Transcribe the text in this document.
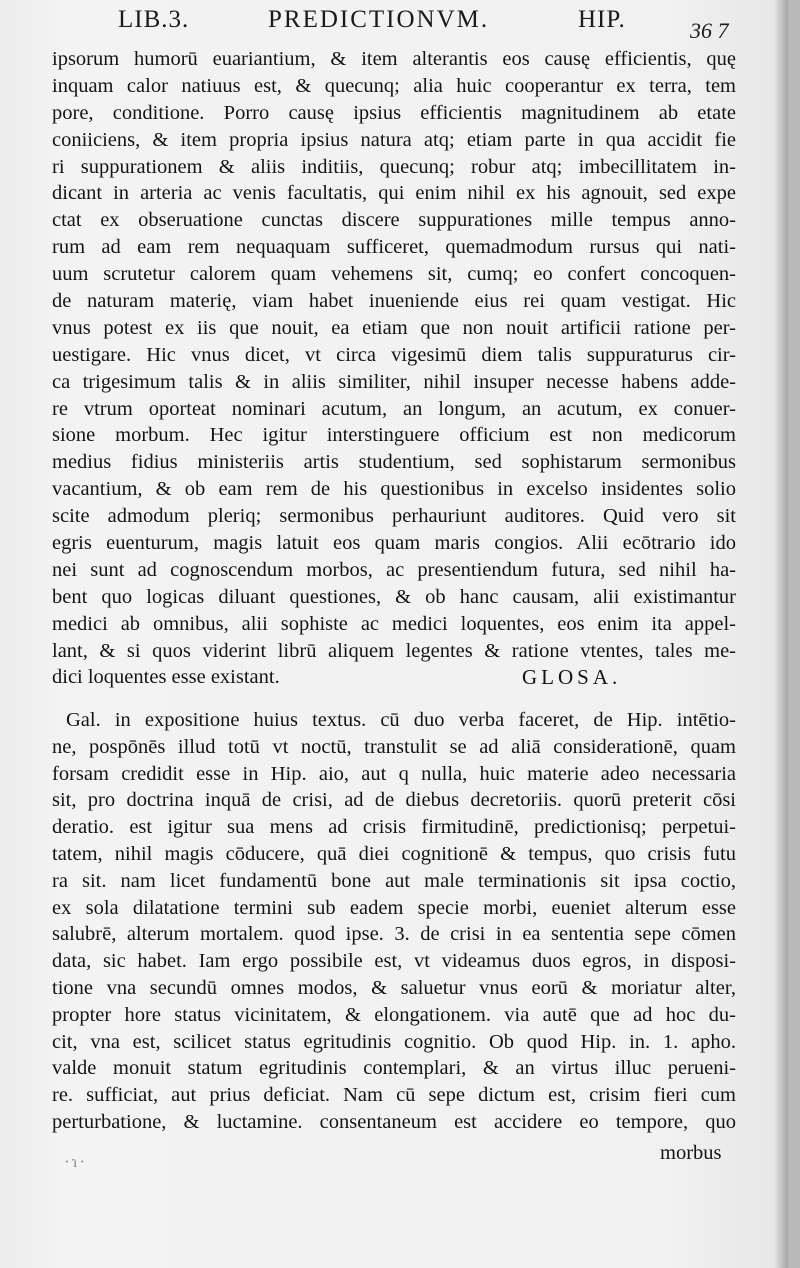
LIB.3.	PREDICTIONVM.	HIP.	36 7
ipsorum humorū euariantium, & item alterantis eos causę efficientis, quę
inquam calor natiuus est, & quecunq; alia huic cooperantur ex terra, tem
pore, conditione. Porro causę ipsius efficientis magnitudinem ab etate
coniiciens, & item propria ipsius natura atq; etiam parte in qua accidit fie
ri suppurationem & aliis inditiis, quecunq; robur atq; imbecillitatem in-
dicant in arteria ac venis facultatis, qui enim nihil ex his agnouit, sed expe
ctat ex obseruatione cunctas discere suppurationes mille tempus anno-
rum ad eam rem nequaquam sufficeret, quemadmodum rursus qui nati-
uum scrutetur calorem quam vehemens sit, cumq; eo confert concoquen-
de naturam materię, viam habet inueniende eius rei quam vestigat. Hic
vnus potest ex iis que nouit, ea etiam que non nouit artificii ratione per-
uestigare. Hic vnus dicet, vt circa vigesimū diem talis suppuraturus cir-
ca trigesimum talis & in aliis similiter, nihil insuper necesse habens adde-
re vtrum oporteat nominari acutum, an longum, an acutum, ex conuer-
sione morbum. Hec igitur interstinguere officium est non medicorum
medius fidius ministeriis artis studentium, sed sophistarum sermonibus
vacantium, & ob eam rem de his questionibus in excelso insidentes solio
scite admodum pleriq; sermonibus perhauriunt auditores. Quid vero sit
egris euenturum, magis latuit eos quam maris congios. Alii ecōtrario ido
nei sunt ad cognoscendum morbos, ac presentiendum futura, sed nihil ha-
bent quo logicas diluant questiones, & ob hanc causam, alii existimantur
medici ab omnibus, alii sophiste ac medici loquentes, eos enim ita appel-
lant, & si quos viderint librū aliquem legentes & ratione vtentes, tales me-
dici loquentes esse existant.	GLOSA.
Gal. in expositione huius textus. cū duo verba faceret, de Hip. intētio-
ne, pospōnēs illud totū vt noctū, transtulit se ad aliā considerationē, quam
forsam credidit esse in Hip. aio, aut q nulla, huic materie adeo necessaria
sit, pro doctrina inquā de crisi, ad de diebus decretoriis. quorū preterit cōsi
deratio. est igitur sua mens ad crisis firmitudinē, predictionisq; perpetui-
tatem, nihil magis cōducere, quā diei cognitionē & tempus, quo crisis futu
ra sit. nam licet fundamentū bone aut male terminationis sit ipsa coctio,
ex sola dilatatione termini sub eadem specie morbi, eueniet alterum esse
salubrē, alterum mortalem. quod ipse. 3. de crisi in ea sententia sepe cōmen
data, sic habet. Iam ergo possibile est, vt videamus duos egros, in disposi-
tione vna secundū omnes modos, & saluetur vnus eorū & moriatur alter,
propter hore status vicinitatem, & elongationem. via autē que ad hoc du-
cit, vna est, scilicet status egritudinis cognitio. Ob quod Hip. in. 1. apho.
valde monuit statum egritudinis contemplari, & an virtus illuc perueni-
re. sufficiat, aut prius deficiat. Nam cū sepe dictum est, crisim fieri cum
perturbatione, & luctamine. consentaneum est accidere eo tempore, quo
morbus
·ɿ·
